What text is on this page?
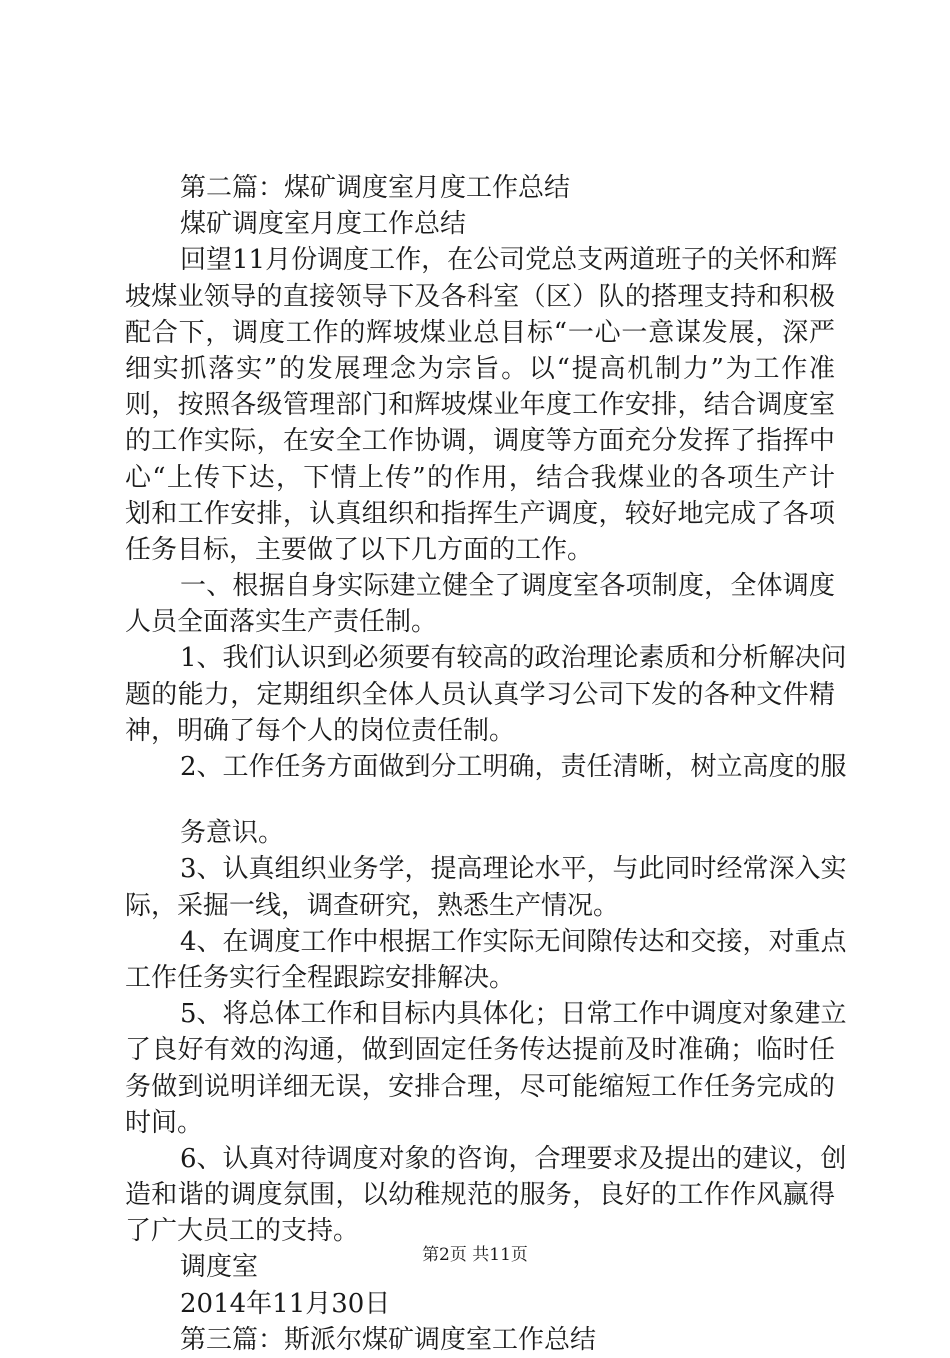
第二篇：煤矿调度室月度工作总结
煤矿调度室月度工作总结
回望11月份调度工作，在公司党总支两道班子的关怀和辉
坡煤业领导的直接领导下及各科室（区）队的搭理支持和积极
配合下，调度工作的辉坡煤业总目标“一心一意谋发展，深严
细实抓落实”的发展理念为宗旨。以“提高机制力”为工作准
则，按照各级管理部门和辉坡煤业年度工作安排，结合调度室
的工作实际，在安全工作协调，调度等方面充分发挥了指挥中
心“上传下达，下情上传”的作用，结合我煤业的各项生产计
划和工作安排，认真组织和指挥生产调度，较好地完成了各项
任务目标，主要做了以下几方面的工作。
一、根据自身实际建立健全了调度室各项制度，全体调度
人员全面落实生产责任制。
1、我们认识到必须要有较高的政治理论素质和分析解决问
题的能力，定期组织全体人员认真学习公司下发的各种文件精
神，明确了每个人的岗位责任制。
2、工作任务方面做到分工明确，责任清晰，树立高度的服
务意识。
3、认真组织业务学，提高理论水平，与此同时经常深入实
际，采掘一线，调查研究，熟悉生产情况。
4、在调度工作中根据工作实际无间隙传达和交接，对重点
工作任务实行全程跟踪安排解决。
5、将总体工作和目标内具体化；日常工作中调度对象建立
了良好有效的沟通，做到固定任务传达提前及时准确；临时任
务做到说明详细无误，安排合理，尽可能缩短工作任务完成的
时间。
6、认真对待调度对象的咨询，合理要求及提出的建议，创
造和谐的调度氛围，以幼稚规范的服务，良好的工作作风赢得
了广大员工的支持。
调度室
2014年11月30日
第三篇：斯派尔煤矿调度室工作总结
第2页 共11页
